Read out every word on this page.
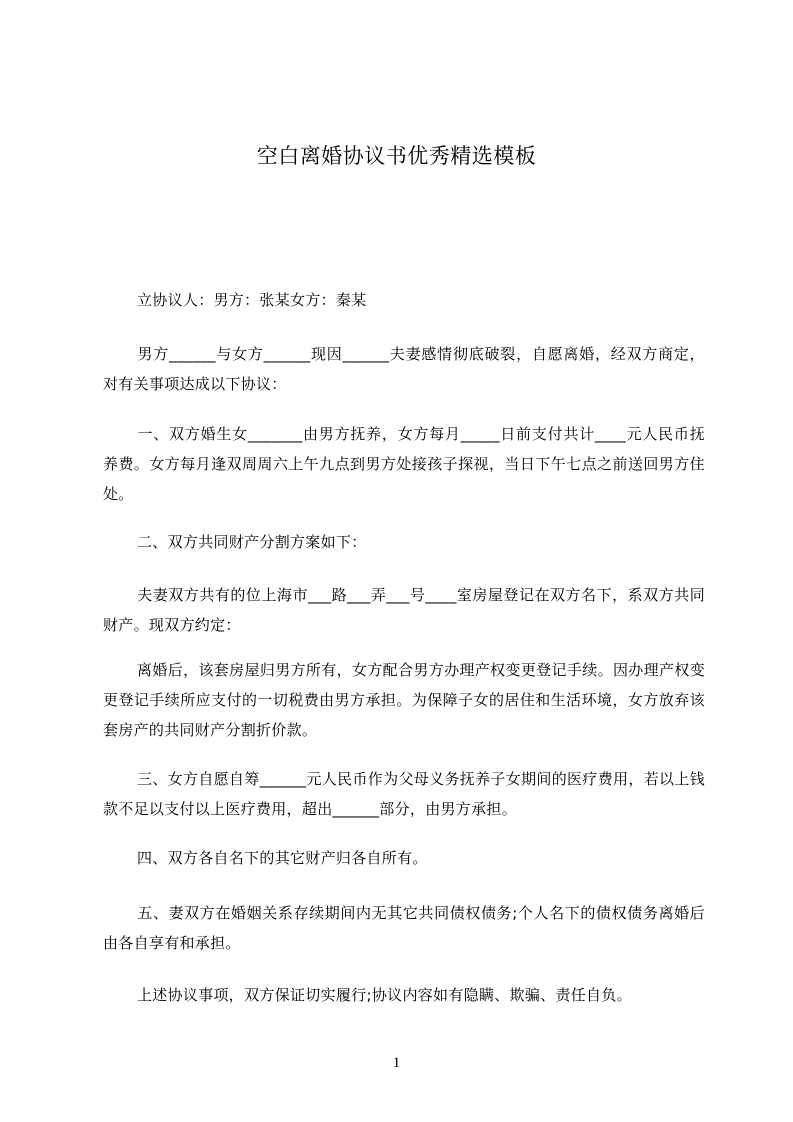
空白离婚协议书优秀精选模板
立协议人：男方：张某女方：秦某
男方______与女方______现因______夫妻感情彻底破裂，自愿离婚，经双方商定，对有关事项达成以下协议：
一、双方婚生女_______由男方抚养，女方每月_____日前支付共计____元人民币抚养费。女方每月逢双周周六上午九点到男方处接孩子探视，当日下午七点之前送回男方住处。
二、双方共同财产分割方案如下：
夫妻双方共有的位上海市___路___弄___号____室房屋登记在双方名下，系双方共同财产。现双方约定：
离婚后，该套房屋归男方所有，女方配合男方办理产权变更登记手续。因办理产权变更登记手续所应支付的一切税费由男方承担。为保障子女的居住和生活环境，女方放弃该套房产的共同财产分割折价款。
三、女方自愿自筹______元人民币作为父母义务抚养子女期间的医疗费用，若以上钱款不足以支付以上医疗费用，超出______部分，由男方承担。
四、双方各自名下的其它财产归各自所有。
五、妻双方在婚姻关系存续期间内无其它共同债权债务;个人名下的债权债务离婚后由各自享有和承担。
上述协议事项，双方保证切实履行;协议内容如有隐瞒、欺骗、责任自负。
1
